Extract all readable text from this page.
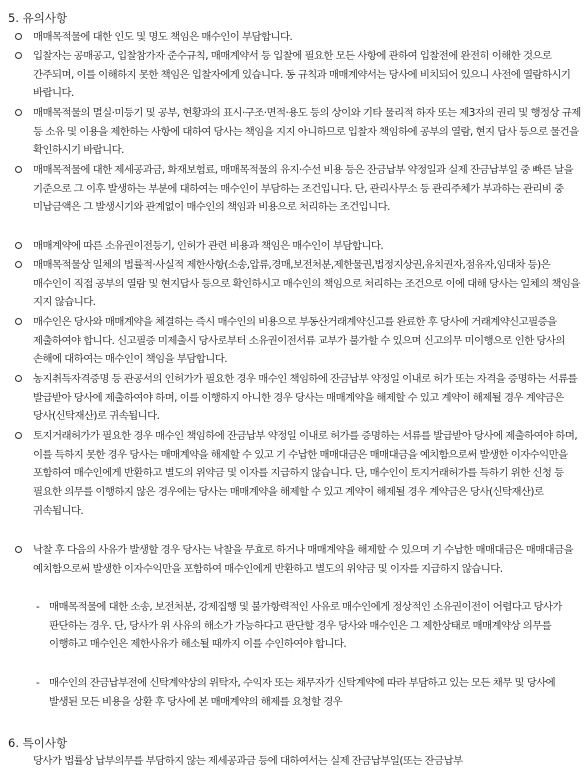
5. 유의사항
매매목적물에 대한 인도 및 명도 책임은 매수인이 부담합니다.
입찰자는 공매공고, 입찰참가자 준수규칙, 매매계약서 등 입찰에 필요한 모든 사항에 관하여 입찰전에 완전히 이해한 것으로 간주되며, 이를 이해하지 못한 책임은 입찰자에게 있습니다. 동 규칙과 매매계약서는 당사에 비치되어 있으니 사전에 열람하시기 바랍니다.
매매목적물의 멸실·미등기 및 공부, 현황과의 표시·구조·면적·용도 등의 상이와 기타 물리적 하자 또는 제3자의 권리 및 행정상 규제 등 소유 및 이용을 제한하는 사항에 대하여 당사는 책임을 지지 아니하므로 입찰자 책임하에 공부의 열람, 현지 답사 등으로 물건을 확인하시기 바랍니다.
매매목적물에 대한 제세공과금, 화재보험료, 매매목적물의 유지·수선 비용 등은 잔금납부 약정일과 실제 잔금납부일 중 빠른 날을 기준으로 그 이후 발생하는 부분에 대하여는 매수인이 부담하는 조건입니다. 단, 관리사무소 등 관리주체가 부과하는 관리비 중 미납금액은 그 발생시기와 관계없이 매수인의 책임과 비용으로 처리하는 조건입니다.
매매계약에 따른 소유권이전등기, 인허가 관련 비용과 책임은 매수인이 부담합니다.
매매목적물상 일체의 법률적·사실적 제한사항(소송,압류,경매,보전처분,제한물권,법정지상권,유치권자,점유자,임대차 등)은 매수인이 직접 공부의 열람 및 현지답사 등으로 확인하시고 매수인의 책임으로 처리하는 조건으로 이에 대해 당사는 일체의 책임을 지지 않습니다.
매수인은 당사와 매매계약을 체결하는 즉시 매수인의 비용으로 부동산거래계약신고를 완료한 후 당사에 거래계약신고필증을 제출하여야 합니다. 신고필증 미제출시 당사로부터 소유권이전서류 교부가 불가할 수 있으며 신고의무 미이행으로 인한 당사의 손해에 대하여는 매수인이 책임을 부담합니다.
농지취득자격증명 등 관공서의 인허가가 필요한 경우 매수인 책임하에 잔금납부 약정일 이내로 허가 또는 자격을 증명하는 서류를 발급받아 당사에 제출하여야 하며, 이를 이행하지 아니한 경우 당사는 매매계약을 해제할 수 있고 계약이 해제될 경우 계약금은 당사(신탁재산)로 귀속됩니다.
토지거래허가가 필요한 경우 매수인 책임하에 잔금납부 약정일 이내로 허가를 증명하는 서류를 발급받아 당사에 제출하여야 하며, 이를 득하지 못한 경우 당사는 매매계약을 해제할 수 있고 기 수납한 매매대금은 매매대금을 예치함으로써 발생한 이자수익만을 포함하여 매수인에게 반환하고 별도의 위약금 및 이자를 지급하지 않습니다. 단, 매수인이 토지거래허가를 득하기 위한 신청 등 필요한 의무를 이행하지 않은 경우에는 당사는 매매계약을 해제할 수 있고 계약이 해제될 경우 계약금은 당사(신탁재산)로 귀속됩니다.
낙찰 후 다음의 사유가 발생할 경우 당사는 낙찰을 무효로 하거나 매매계약을 해제할 수 있으며 기 수납한 매매대금은 매매대금을 예치함으로써 발생한 이자수익만을 포함하여 매수인에게 반환하고 별도의 위약금 및 이자를 지급하지 않습니다.
- 매매목적물에 대한 소송, 보전처분, 강제집행 및 불가항력적인 사유로 매수인에게 정상적인 소유권이전이 어렵다고 당사가 판단하는 경우. 단, 당사가 위 사유의 해소가 가능하다고 판단할 경우 당사와 매수인은 그 제한상태로 매매계약상 의무를 이행하고 매수인은 제한사유가 해소될 때까지 이를 수인하여야 합니다.
- 매수인의 잔금납부전에 신탁계약상의 위탁자, 수익자 또는 채무자가 신탁계약에 따라 부담하고 있는 모든 채무 및 당사에 발생된 모든 비용을 상환 후 당사에 본 매매계약의 해제를 요청할 경우
6. 특이사항
당사가 법률상 납부의무를 부담하지 않는 제세공과금 등에 대하여서는 실제 잔금납부일(또는 잔금납부
